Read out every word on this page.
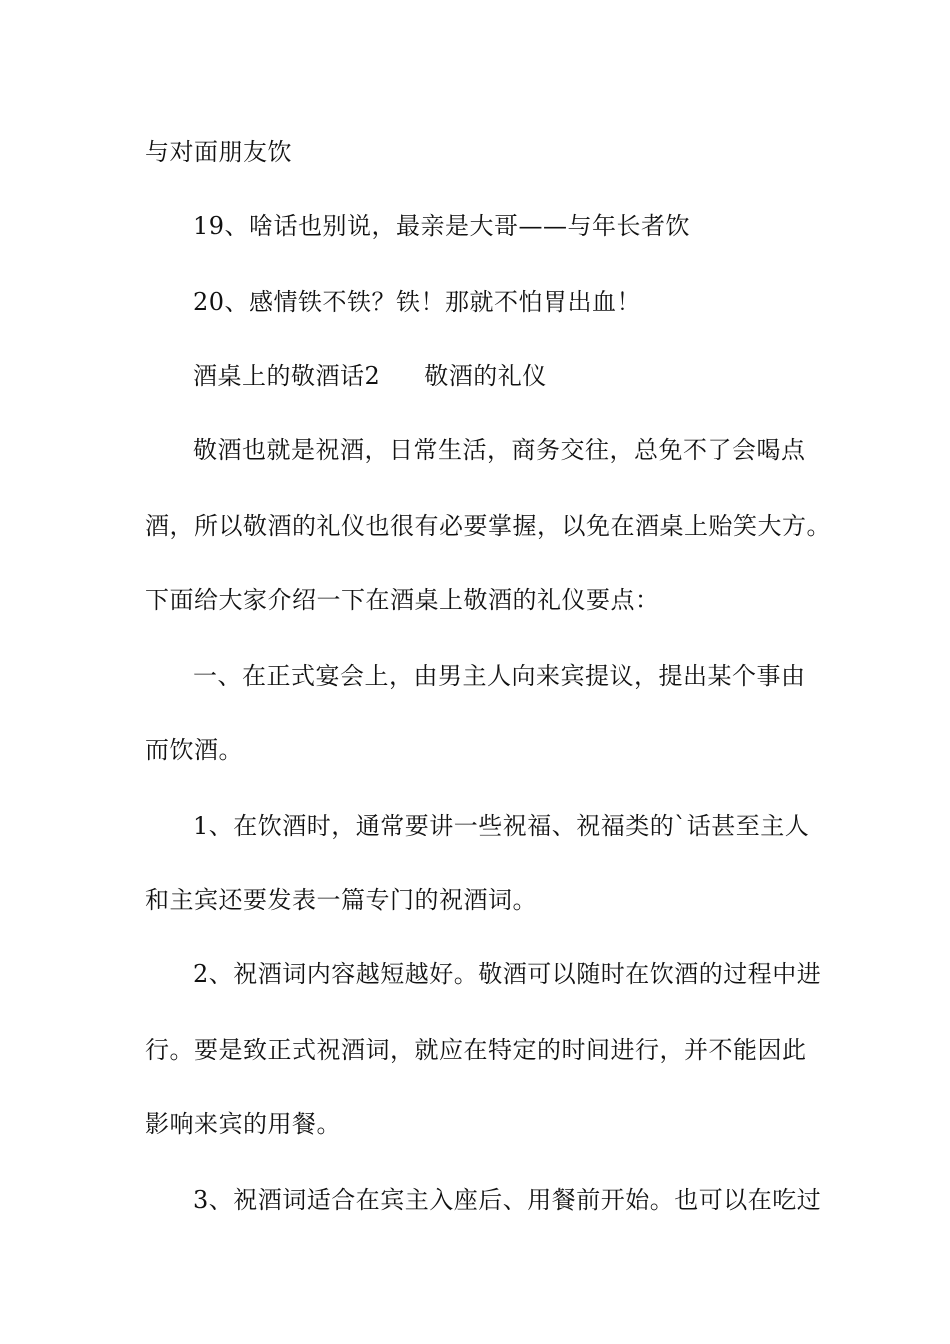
与对面朋友饮
19、啥话也别说，最亲是大哥——与年长者饮
20、感情铁不铁？铁！那就不怕胃出血！
酒桌上的敬酒话2 敬酒的礼仪
敬酒也就是祝酒，日常生活，商务交往，总免不了会喝点
酒，所以敬酒的礼仪也很有必要掌握，以免在酒桌上贻笑大方。
下面给大家介绍一下在酒桌上敬酒的礼仪要点：
一、在正式宴会上，由男主人向来宾提议，提出某个事由
而饮酒。
1、在饮酒时，通常要讲一些祝福、祝福类的`话甚至主人
和主宾还要发表一篇专门的祝酒词。
2、祝酒词内容越短越好。敬酒可以随时在饮酒的过程中进
行。要是致正式祝酒词，就应在特定的时间进行，并不能因此
影响来宾的用餐。
3、祝酒词适合在宾主入座后、用餐前开始。也可以在吃过
